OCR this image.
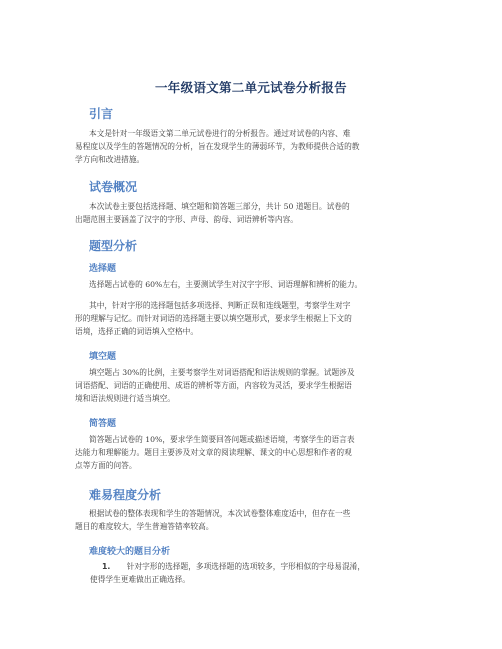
一年级语文第二单元试卷分析报告
引言
本文是针对一年级语文第二单元试卷进行的分析报告。通过对试卷的内容、难
易程度以及学生的答题情况的分析，旨在发现学生的薄弱环节，为教师提供合适的教
学方向和改进措施。
试卷概况
本次试卷主要包括选择题、填空题和简答题三部分，共计 50 道题目。试卷的
出题范围主要涵盖了汉字的字形、声母、韵母、词语辨析等内容。
题型分析
选择题
选择题占试卷的 60%左右，主要测试学生对汉字字形、词语理解和辨析的能力。
其中，针对字形的选择题包括多项选择、判断正误和连线题型，考察学生对字
形的理解与记忆。而针对词语的选择题主要以填空题形式，要求学生根据上下文的
语境，选择正确的词语填入空格中。
填空题
填空题占 30%的比例，主要考察学生对词语搭配和语法规则的掌握。试题涉及
词语搭配、词语的正确使用、成语的辨析等方面，内容较为灵活，要求学生根据语
境和语法规则进行适当填空。
简答题
简答题占试卷的 10%，要求学生简要回答问题或描述语境，考察学生的语言表
达能力和理解能力。题目主要涉及对文章的阅读理解、课文的中心思想和作者的观
点等方面的问答。
难易程度分析
根据试卷的整体表现和学生的答题情况，本次试卷整体难度适中，但存在一些
题目的难度较大，学生普遍答错率较高。
难度较大的题目分析
1. 针对字形的选择题，多项选择题的选项较多，字形相似的字母易混淆，
使得学生更难做出正确选择。
